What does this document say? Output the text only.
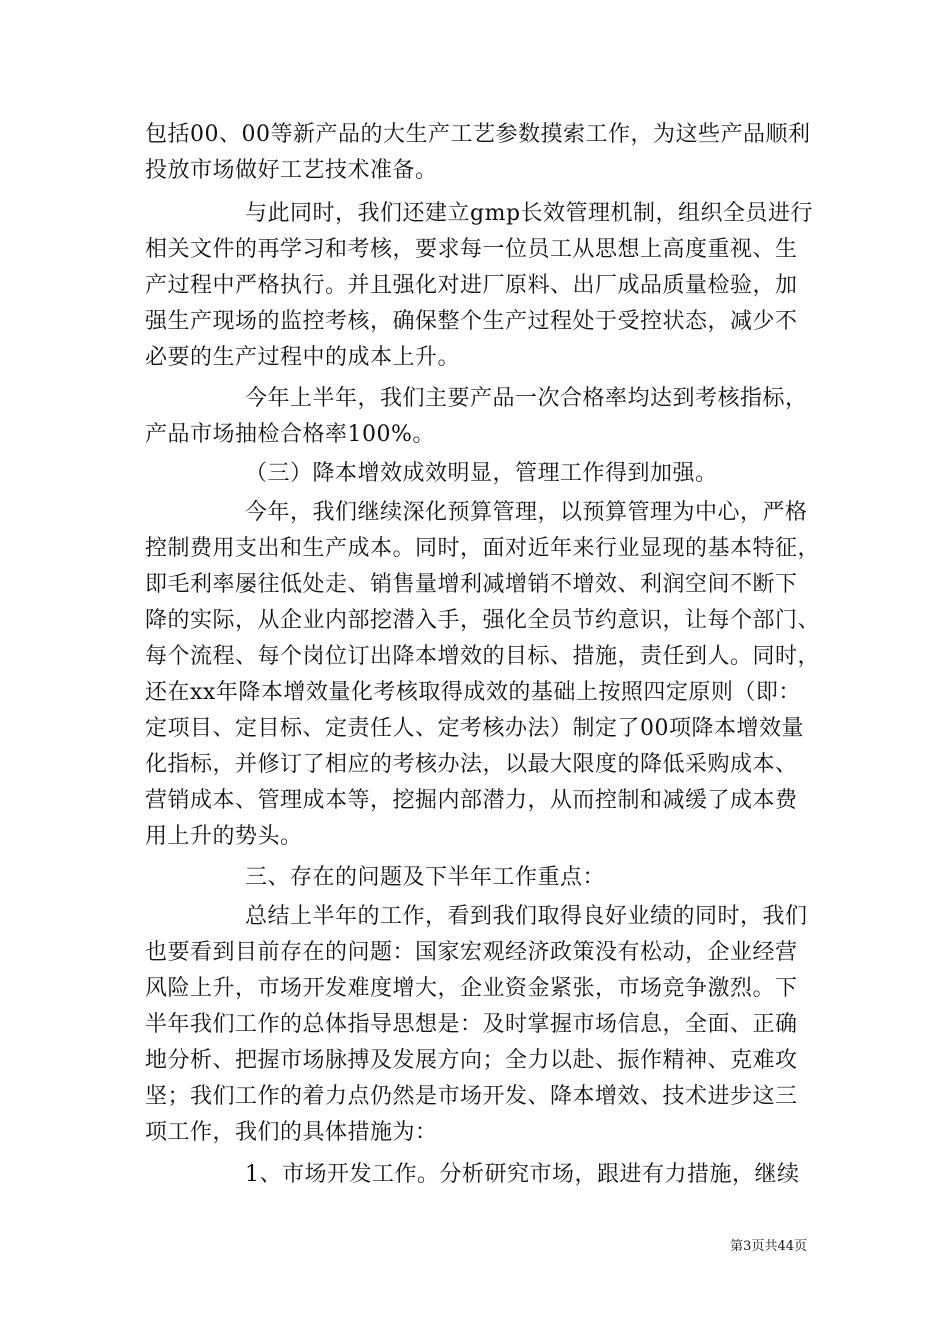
包括00、00等新产品的大生产工艺参数摸索工作，为这些产品顺利
投放市场做好工艺技术准备。
与此同时，我们还建立gmp长效管理机制，组织全员进行
相关文件的再学习和考核，要求每一位员工从思想上高度重视、生
产过程中严格执行。并且强化对进厂原料、出厂成品质量检验，加
强生产现场的监控考核，确保整个生产过程处于受控状态，减少不
必要的生产过程中的成本上升。
今年上半年，我们主要产品一次合格率均达到考核指标，
产品市场抽检合格率100%。
（三）降本增效成效明显，管理工作得到加强。
今年，我们继续深化预算管理，以预算管理为中心，严格
控制费用支出和生产成本。同时，面对近年来行业显现的基本特征，
即毛利率屡往低处走、销售量增利减增销不增效、利润空间不断下
降的实际，从企业内部挖潜入手，强化全员节约意识，让每个部门、
每个流程、每个岗位订出降本增效的目标、措施，责任到人。同时，
还在xx年降本增效量化考核取得成效的基础上按照四定原则（即：
定项目、定目标、定责任人、定考核办法）制定了00项降本增效量
化指标，并修订了相应的考核办法，以最大限度的降低采购成本、
营销成本、管理成本等，挖掘内部潜力，从而控制和减缓了成本费
用上升的势头。
三、存在的问题及下半年工作重点：
总结上半年的工作，看到我们取得良好业绩的同时，我们
也要看到目前存在的问题：国家宏观经济政策没有松动，企业经营
风险上升，市场开发难度增大，企业资金紧张，市场竞争激烈。下
半年我们工作的总体指导思想是：及时掌握市场信息，全面、正确
地分析、把握市场脉搏及发展方向；全力以赴、振作精神、克难攻
坚；我们工作的着力点仍然是市场开发、降本增效、技术进步这三
项工作，我们的具体措施为：
1、市场开发工作。分析研究市场，跟进有力措施，继续
第3页共44页
